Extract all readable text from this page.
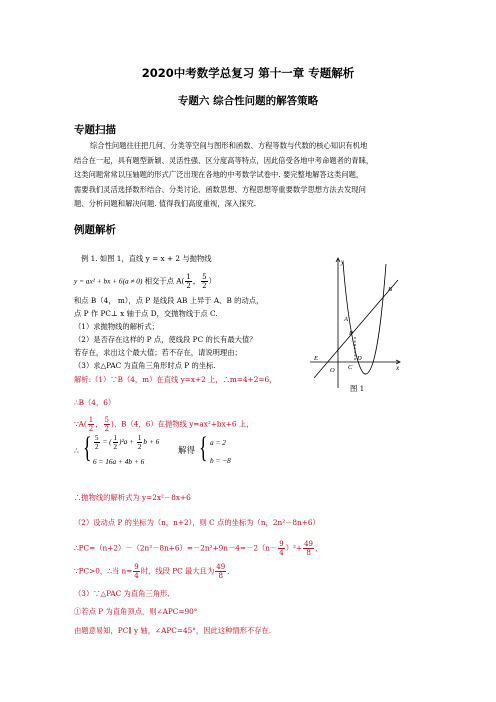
2020中考数学总复习 第十一章 专题解析
专题六 综合性问题的解答策略
专题扫描
综合性问题往往把几何、分类等空间与图形和函数、方程等数与代数的核心知识有机地
结合在一起，具有题型新颖、灵活性强、区分度高等特点，因此倍受各地中考命题者的青睐，
这类问题常常以压轴题的形式广泛出现在各地的中考数学试卷中. 要完整地解答这类问题，
需要我们灵活选择数形结合、分类讨论、函数思想、方程思想等重要数学思想方法去发现问
题、分析问题和解决问题. 值得我们高度重视，深入探究.
例题解析
例 1. 如图 1，直线 y = x + 2 与抛物线
y = ax² + bx + 6(a ≠ 0) 相交于点 $A( \frac{1}{2}$ ， $\frac{5}{2}$ ）
和点 B（4， m），点 P 是线段 AB 上异于 A、B 的动点，
点 P 作 PC⊥ x 轴于点 D，交抛物线于点 C.
（1）求抛物线的解析式；
（2）是否存在这样的 P 点，使线段 PC 的长有最大值？
若存在，求出这个最大值；若不存在，请说明理由；
（3）求△PAC 为直角三角形时点 P 的坐标.
y
x
O
A
B
P
C
D
E
图 1
解析:（1）∵B（4，m）在直线 y=x+2 上，∴m=4+2=6，
∴B（4，6）
∵A( $\frac{1}{2}$ ， $\frac{5}{2}$ )、B（4，6）在抛物线 y=ax²+bx+6 上，
∴ { $\frac{5}{2}$ = ( $\frac{1}{2} )^2a + \frac{1}{2}$ b + 6
6 = 16a + 4b + 6
解得 { a = 2
b = −8
∴抛物线的解析式为 y=2x²－8x+6
（2）设动点 P 的坐标为（n，n+2），则 C 点的坐标为（n，2n²－8n+6）
∴PC=（n+2）－（2n²－8n+6）=－2n²+9n－4=－2（n－ $\frac{9}{4} )^2+ \frac{49}{8}$ ，
∵PC>0，∴当 $n= \frac{9}{4}$ 时，线段 PC 最大且为 $\frac{49}{8}$ ．
（3）∵△PAC 为直角三角形,
①若点 P 为直角顶点，则∠APC=90°
由题意易知，PC∥ y 轴，∠APC=45°，因此这种情形不存在.
